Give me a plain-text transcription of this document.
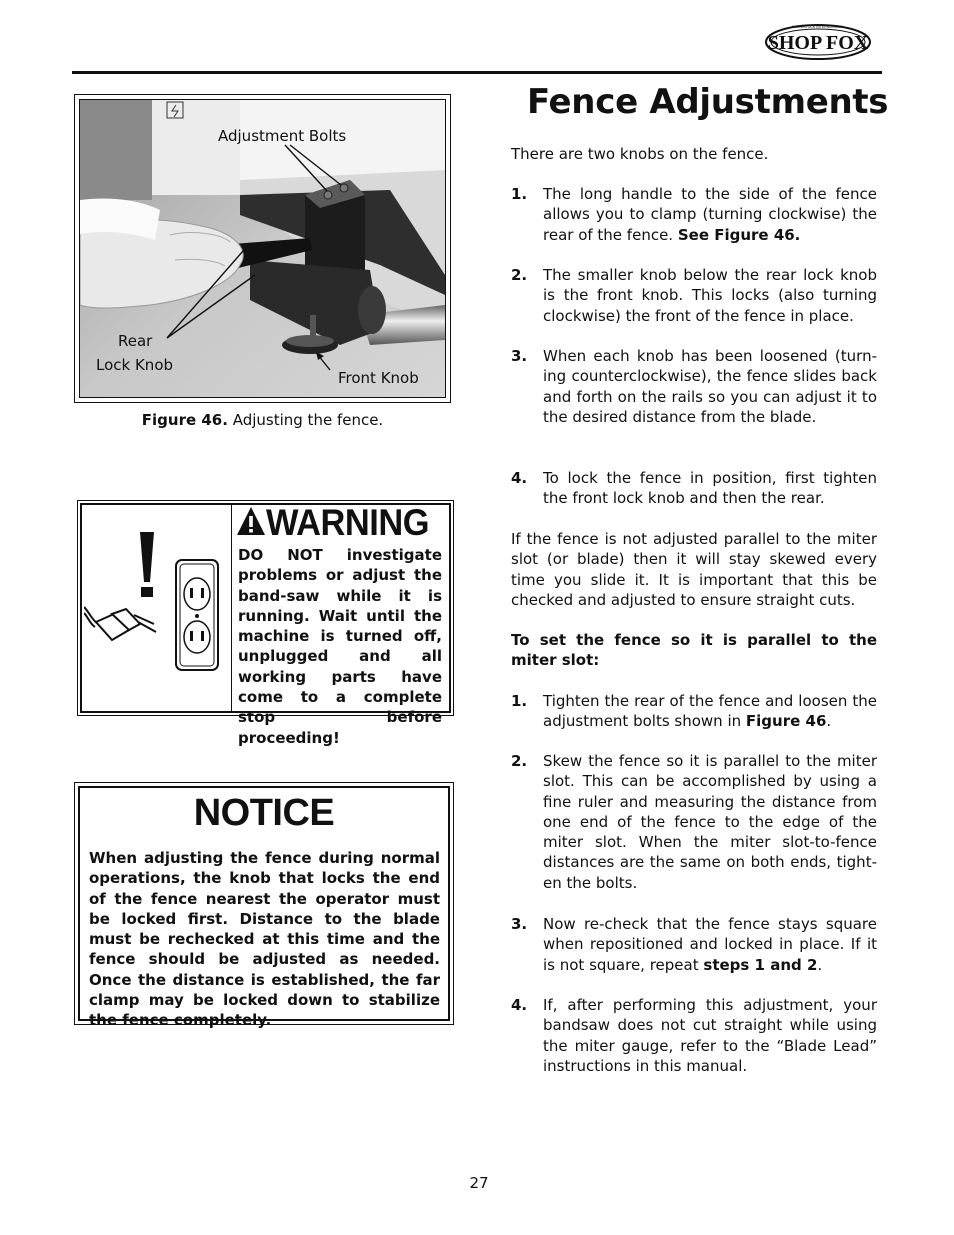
SHOP FOX
WOODSTOCK INTERNATIONAL
Adjustment Bolts
Rear
Lock Knob
Front Knob
Figure 46. Adjusting the fence.
WARNING
DO NOT investigate problems or adjust the band-saw while it is running. Wait until the machine is turned off, unplugged and all working parts have come to a complete stop before proceeding!
NOTICE
When adjusting the fence during normal operations, the knob that locks the end of the fence nearest the operator must be locked first. Distance to the blade must be rechecked at this time and the fence should be adjusted as needed. Once the distance is established, the far clamp may be locked down to stabilize the fence completely.
Fence Adjustments
There are two knobs on the fence.
1. The long handle to the side of the fence allows you to clamp (turning clockwise) the rear of the fence. See Figure 46.
2. The smaller knob below the rear lock knob is the front knob. This locks (also turning clockwise) the front of the fence in place.
3. When each knob has been loosened (turn-ing counterclockwise), the fence slides back and forth on the rails so you can adjust it to the desired distance from the blade.
4. To lock the fence in position, first tighten the front lock knob and then the rear.
If the fence is not adjusted parallel to the miter slot (or blade) then it will stay skewed every time you slide it. It is important that this be checked and adjusted to ensure straight cuts.
To set the fence so it is parallel to the miter slot:
1. Tighten the rear of the fence and loosen the adjustment bolts shown in Figure 46.
2. Skew the fence so it is parallel to the miter slot. This can be accomplished by using a fine ruler and measuring the distance from one end of the fence to the edge of the miter slot. When the miter slot-to-fence distances are the same on both ends, tight-en the bolts.
3. Now re-check that the fence stays square when repositioned and locked in place. If it is not square, repeat steps 1 and 2.
4. If, after performing this adjustment, your bandsaw does not cut straight while using the miter gauge, refer to the “Blade Lead” instructions in this manual.
27
